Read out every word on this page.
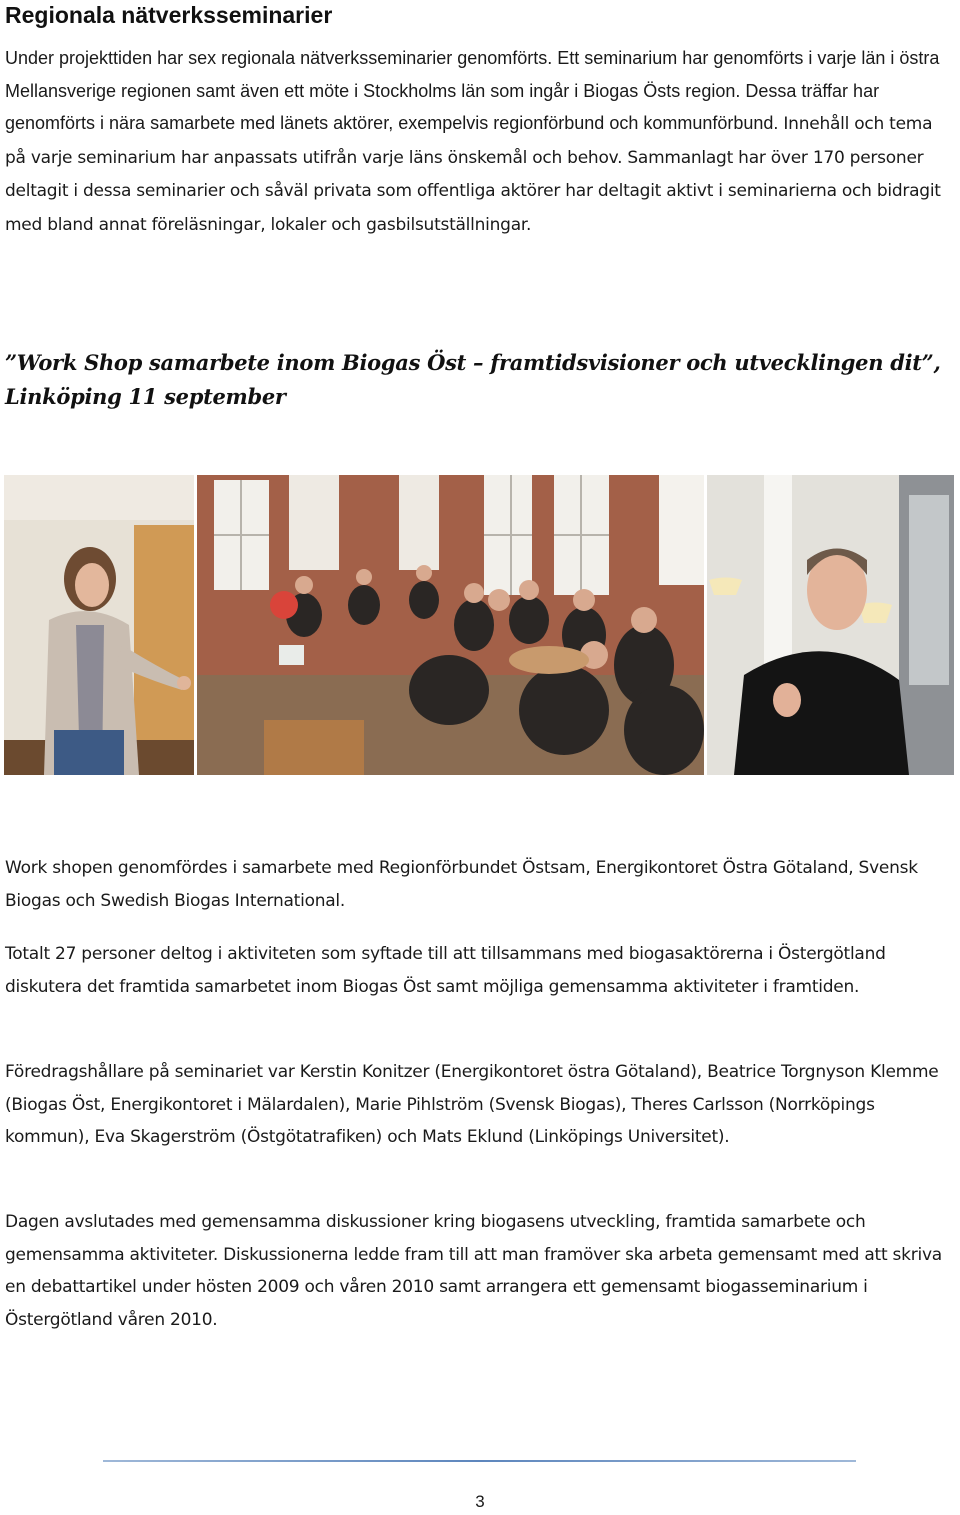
Regionala nätverksseminarier

Under projekttiden har sex regionala nätverksseminarier genomförts. Ett seminarium har genomförts i varje län i östra Mellansverige regionen samt även ett möte i Stockholms län som ingår i Biogas Östs region. Dessa träffar har genomförts i nära samarbete med länets aktörer, exempelvis regionförbund och kommunförbund. Innehåll och tema på varje seminarium har anpassats utifrån varje läns önskemål och behov. Sammanlagt har över 170 personer deltagit i dessa seminarier och såväl privata som offentliga aktörer har deltagit aktivt i seminarierna och bidragit med bland annat föreläsningar, lokaler och gasbilsutställningar.

”Work Shop samarbete inom Biogas Öst – framtidsvisioner och utvecklingen dit”,
Linköping 11 september

Work shopen genomfördes i samarbete med Regionförbundet Östsam, Energikontoret Östra Götaland, Svensk Biogas och Swedish Biogas International.

Totalt 27 personer deltog i aktiviteten som syftade till att tillsammans med biogasaktörerna i Östergötland diskutera det framtida samarbetet inom Biogas Öst samt möjliga gemensamma aktiviteter i framtiden.

Föredragshållare på seminariet var Kerstin Konitzer (Energikontoret östra Götaland), Beatrice Torgnyson Klemme (Biogas Öst, Energikontoret i Mälardalen), Marie Pihlström (Svensk Biogas), Theres Carlsson (Norrköpings kommun), Eva Skagerström (Östgötatrafiken) och Mats Eklund (Linköpings Universitet).

Dagen avslutades med gemensamma diskussioner kring biogasens utveckling, framtida samarbete och gemensamma aktiviteter. Diskussionerna ledde fram till att man framöver ska arbeta gemensamt med att skriva en debattartikel under hösten 2009 och våren 2010 samt arrangera ett gemensamt biogasseminarium i Östergötland våren 2010.

3
